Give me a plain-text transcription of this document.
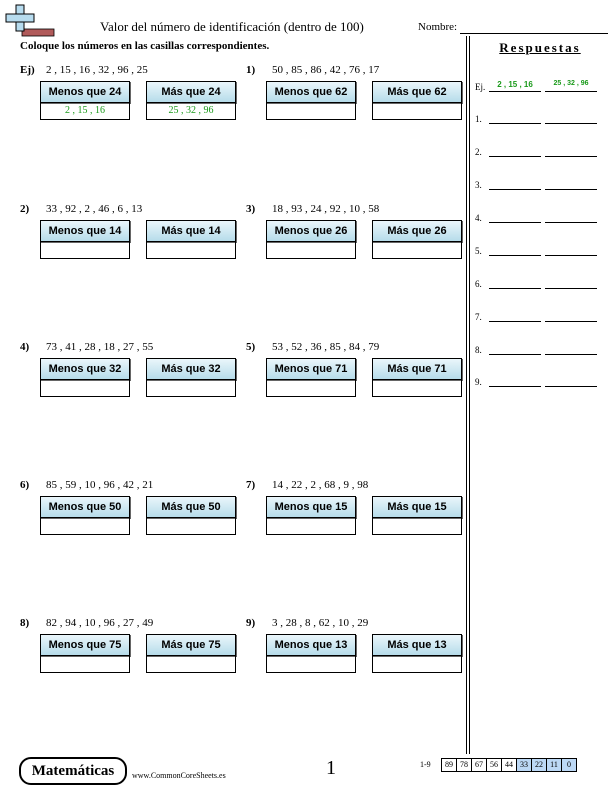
Valor del número de identificación (dentro de 100)	Nombre:
Coloque los números en las casillas correspondientes.	Respuestas
Ej.	2 , 15 , 16	25 , 32 , 96
1.
2.
3.
4.
5.
6.
7.
8.
9.
Ej) 2 , 15 , 16 , 32 , 96 , 25
Menos que 24	Más que 24
2 , 15 , 16	25 , 32 , 96
1) 50 , 85 , 86 , 42 , 76 , 17
Menos que 62	Más que 62
2) 33 , 92 , 2 , 46 , 6 , 13
Menos que 14	Más que 14
3) 18 , 93 , 24 , 92 , 10 , 58
Menos que 26	Más que 26
4) 73 , 41 , 28 , 18 , 27 , 55
Menos que 32	Más que 32
5) 53 , 52 , 36 , 85 , 84 , 79
Menos que 71	Más que 71
6) 85 , 59 , 10 , 96 , 42 , 21
Menos que 50	Más que 50
7) 14 , 22 , 2 , 68 , 9 , 98
Menos que 15	Más que 15
8) 82 , 94 , 10 , 96 , 27 , 49
Menos que 75	Más que 75
9) 3 , 28 , 8 , 62 , 10 , 29
Menos que 13	Más que 13
Matemáticas	www.CommonCoreSheets.es	1	1-9	89 78 67 56 44 33 22 11	0
